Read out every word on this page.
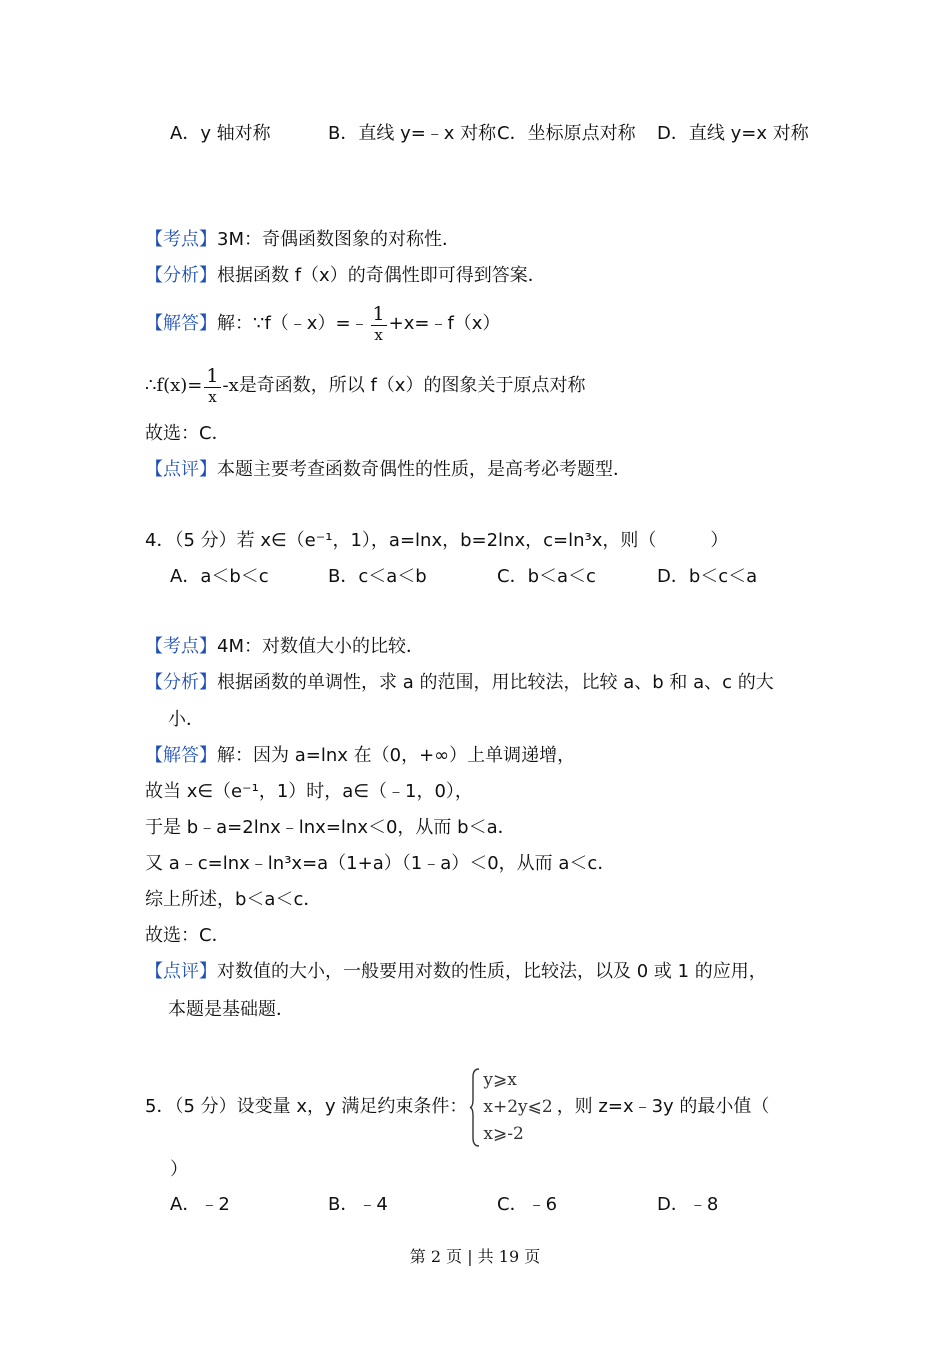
A．y 轴对称	B．直线 y=﹣x 对称 C．坐标原点对称 D．直线 y=x 对称
【考点】3M：奇偶函数图象的对称性．
【分析】根据函数 f（x）的奇偶性即可得到答案．
【解答】解：∵f（﹣x）=﹣ $\frac{1}{x}$ +x=﹣f（x）
∴f(x)= $\frac{1}{x} -x$是奇函数，所以 f（x）的图象关于原点对称
故选：C．
【点评】本题主要考查函数奇偶性的性质，是高考必考题型．
4．（5 分）若 x∈（e⁻¹，1），a=lnx，b=2lnx，c=ln³x，则（　　　）
A．a＜b＜c	B．c＜a＜b	C．b＜a＜c	D．b＜c＜a
【考点】4M：对数值大小的比较．
【分析】根据函数的单调性，求 a 的范围，用比较法，比较 a、b 和 a、c 的大
小．
【解答】解：因为 a=lnx 在（0，+∞）上单调递增，
故当 x∈（e⁻¹，1）时，a∈（﹣1，0），
于是 b﹣a=2lnx﹣lnx=lnx＜0，从而 b＜a．
又 a﹣c=lnx﹣ln³x=a（1+a）（1﹣a）＜0，从而 a＜c．
综上所述，b＜a＜c．
故选：C．
【点评】对数值的大小，一般要用对数的性质，比较法，以及 0 或 1 的应用，
本题是基础题．
5．（5 分）设变量 x，y 满足约束条件：
y⩾x
x+2y⩽2
x⩾-2
，则 z=x﹣3y 的最小值（
）
A．﹣2	B．﹣4	C．﹣6	D．﹣8
第 2 页 | 共 19 页
